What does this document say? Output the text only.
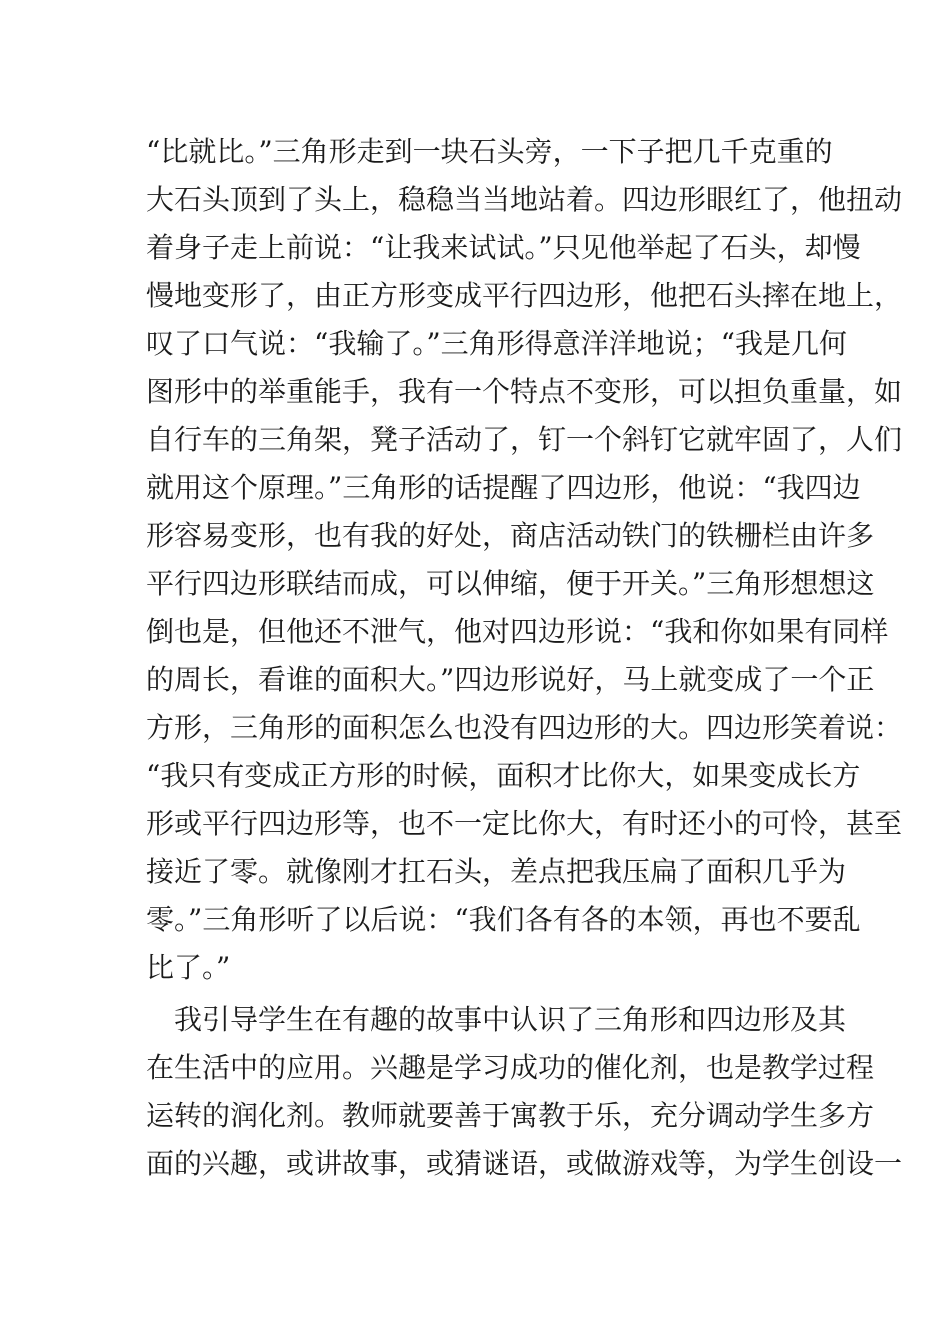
“比就比。”三角形走到一块石头旁，一下子把几千克重的
大石头顶到了头上，稳稳当当地站着。四边形眼红了，他扭动
着身子走上前说：“让我来试试。”只见他举起了石头，却慢
慢地变形了，由正方形变成平行四边形，他把石头摔在地上，
叹了口气说：“我输了。”三角形得意洋洋地说；“我是几何
图形中的举重能手，我有一个特点不变形，可以担负重量，如
自行车的三角架，凳子活动了，钉一个斜钉它就牢固了，人们
就用这个原理。”三角形的话提醒了四边形，他说：“我四边
形容易变形，也有我的好处，商店活动铁门的铁栅栏由许多
平行四边形联结而成，可以伸缩，便于开关。”三角形想想这
倒也是，但他还不泄气，他对四边形说：“我和你如果有同样
的周长，看谁的面积大。”四边形说好，马上就变成了一个正
方形，三角形的面积怎么也没有四边形的大。四边形笑着说：
“我只有变成正方形的时候，面积才比你大，如果变成长方
形或平行四边形等，也不一定比你大，有时还小的可怜，甚至
接近了零。就像刚才扛石头，差点把我压扁了面积几乎为
零。”三角形听了以后说：“我们各有各的本领，再也不要乱
比了。”
我引导学生在有趣的故事中认识了三角形和四边形及其
在生活中的应用。兴趣是学习成功的催化剂，也是教学过程
运转的润化剂。教师就要善于寓教于乐，充分调动学生多方
面的兴趣，或讲故事，或猜谜语，或做游戏等，为学生创设一
